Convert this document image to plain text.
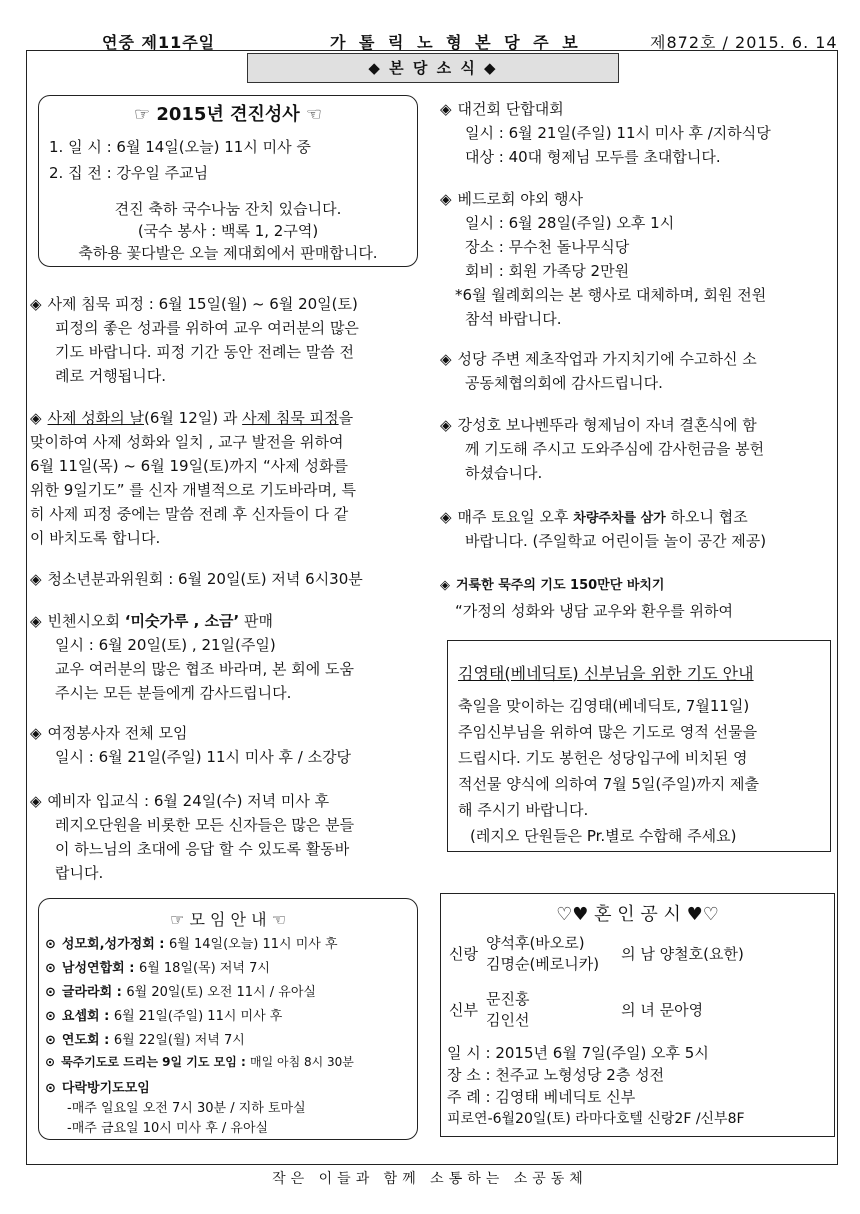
연중 제11주일	가 톨 릭 노 형 본 당 주 보	제872호 / 2015. 6. 14
◆ 본 당 소 식 ◆
☞ 2015년 견진성사 ☜
1. 일 시 : 6월 14일(오늘) 11시 미사 중
2. 집 전 : 강우일 주교님
견진 축하 국수나눔 잔치 있습니다.
(국수 봉사 : 백록 1, 2구역)
축하용 꽃다발은 오늘 제대회에서 판매합니다.
◈ 사제 침묵 피정 : 6월 15일(월) ~ 6월 20일(토)
피정의 좋은 성과를 위하여 교우 여러분의 많은
기도 바랍니다. 피정 기간 동안 전례는 말씀 전
례로 거행됩니다.
◈ 사제 성화의 날(6월 12일) 과 사제 침묵 피정을
맞이하여 사제 성화와 일치 , 교구 발전을 위하여
6월 11일(목) ~ 6월 19일(토)까지 “사제 성화를
위한 9일기도” 를 신자 개별적으로 기도바라며, 특
히 사제 피정 중에는 말씀 전례 후 신자들이 다 같
이 바치도록 합니다.
◈ 청소년분과위원회 : 6월 20일(토) 저녁 6시30분
◈ 빈첸시오회 ‘미숫가루 , 소금’ 판매
일시 : 6월 20일(토) , 21일(주일)
교우 여러분의 많은 협조 바라며, 본 회에 도움
주시는 모든 분들에게 감사드립니다.
◈ 여정봉사자 전체 모임
일시 : 6월 21일(주일) 11시 미사 후 / 소강당
◈ 예비자 입교식 : 6월 24일(수) 저녁 미사 후
레지오단원을 비롯한 모든 신자들은 많은 분들
이 하느님의 초대에 응답 할 수 있도록 활동바
랍니다.
☞ 모 임 안 내 ☜
⊙ 성모회,성가정회 : 6월 14일(오늘) 11시 미사 후
⊙ 남성연합회 : 6월 18일(목) 저녁 7시
⊙ 글라라회 : 6월 20일(토) 오전 11시 / 유아실
⊙ 요셉회 : 6월 21일(주일) 11시 미사 후
⊙ 연도회 : 6월 22일(월) 저녁 7시
⊙ 묵주기도로 드리는 9일 기도 모임 : 매일 아침 8시 30분
⊙ 다락방기도모임
-매주 일요일 오전 7시 30분 / 지하 토마실
-매주 금요일 10시 미사 후 / 유아실
◈ 대건회 단합대회
일시 : 6월 21일(주일) 11시 미사 후 /지하식당
대상 : 40대 형제님 모두를 초대합니다.
◈ 베드로회 야외 행사
일시 : 6월 28일(주일) 오후 1시
장소 : 무수천 돌나무식당
회비 : 회원 가족당 2만원
*6월 월례회의는 본 행사로 대체하며, 회원 전원
참석 바랍니다.
◈ 성당 주변 제초작업과 가지치기에 수고하신 소
공동체협의회에 감사드립니다.
◈ 강성호 보나벤뚜라 형제님이 자녀 결혼식에 함
께 기도해 주시고 도와주심에 감사헌금을 봉헌
하셨습니다.
◈ 매주 토요일 오후 차량주차를 삼가 하오니 협조
바랍니다. (주일학교 어린이들 놀이 공간 제공)
◈ 거룩한 묵주의 기도 150만단 바치기
“가정의 성화와 냉담 교우와 환우를 위하여
김영태(베네딕토) 신부님을 위한 기도 안내
축일을 맞이하는 김영태(베네딕토, 7월11일)
주임신부님을 위하여 많은 기도로 영적 선물을
드립시다. 기도 봉헌은 성당입구에 비치된 영
적선물 양식에 의하여 7월 5일(주일)까지 제출
해 주시기 바랍니다.
(레지오 단원들은 Pr.별로 수합해 주세요)
♡♥ 혼 인 공 시 ♥♡
신랑	양석후(바오로)
김명순(베로니카)	의 남 양철호(요한)

신부	문진홍
김인선	의 녀 문아영
일 시 : 2015년 6월 7일(주일) 오후 5시
장 소 : 천주교 노형성당 2층 성전
주 례 : 김영태 베네딕토 신부
피로연-6월20일(토) 라마다호텔 신랑2F /신부8F
작은 이들과 함께 소통하는 소공동체
